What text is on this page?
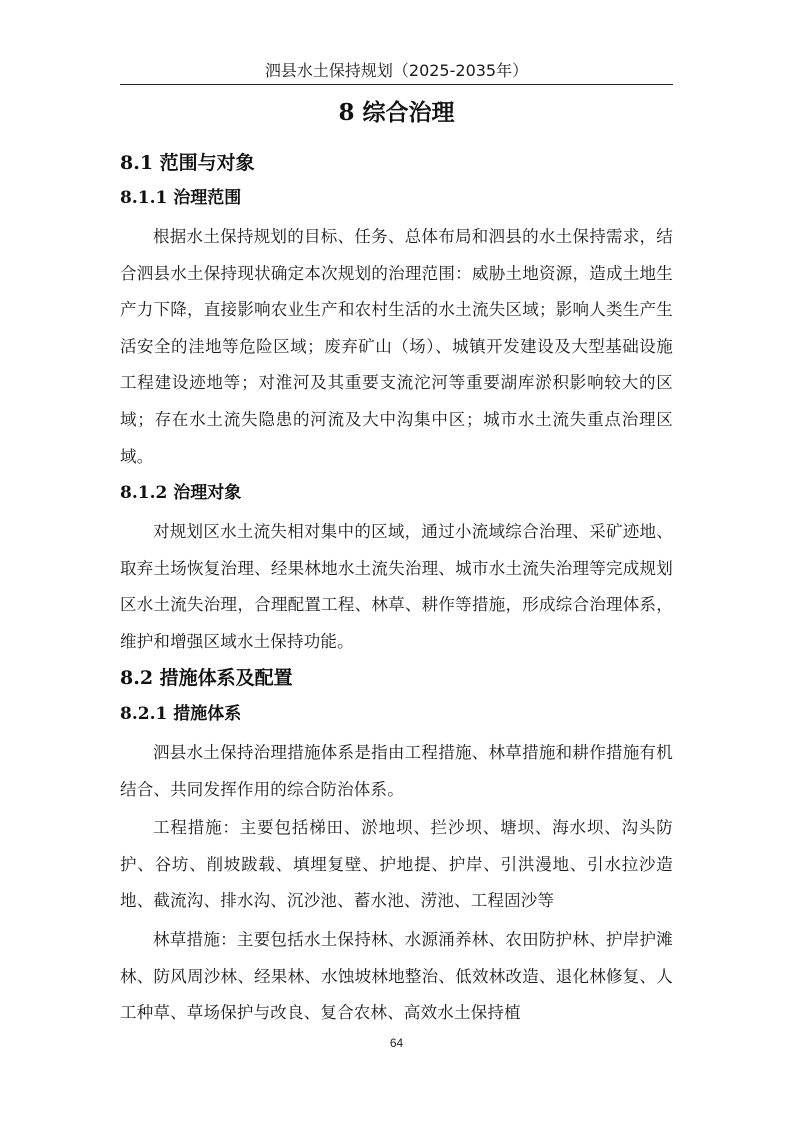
泗县水土保持规划（2025-2035年）
8 综合治理
8.1 范围与对象
8.1.1 治理范围

根据水土保持规划的目标、任务、总体布局和泗县的水土保持需求，结合泗县水土保持现状确定本次规划的治理范围：威胁土地资源，造成土地生产力下降，直接影响农业生产和农村生活的水土流失区域；影响人类生产生活安全的洼地等危险区域；废弃矿山（场）、城镇开发建设及大型基础设施工程建设迹地等；对淮河及其重要支流沱河等重要湖库淤积影响较大的区域；存在水土流失隐患的河流及大中沟集中区；城市水土流失重点治理区域。

8.1.2 治理对象

对规划区水土流失相对集中的区域，通过小流域综合治理、采矿迹地、取弃土场恢复治理、经果林地水土流失治理、城市水土流失治理等完成规划区水土流失治理，合理配置工程、林草、耕作等措施，形成综合治理体系，维护和增强区域水土保持功能。

8.2 措施体系及配置
8.2.1 措施体系

泗县水土保持治理措施体系是指由工程措施、林草措施和耕作措施有机结合、共同发挥作用的综合防治体系。

工程措施：主要包括梯田、淤地坝、拦沙坝、塘坝、海水坝、沟头防护、谷坊、削坡跋载、填埋复壁、护地提、护岸、引洪漫地、引水拉沙造地、截流沟、排水沟、沉沙池、蓄水池、涝池、工程固沙等

林草措施：主要包括水土保持林、水源涌养林、农田防护林、护岸护滩林、防风周沙林、经果林、水蚀坡林地整治、低效林改造、退化林修复、人工种草、草场保护与改良、复合农林、高效水土保持植

64
